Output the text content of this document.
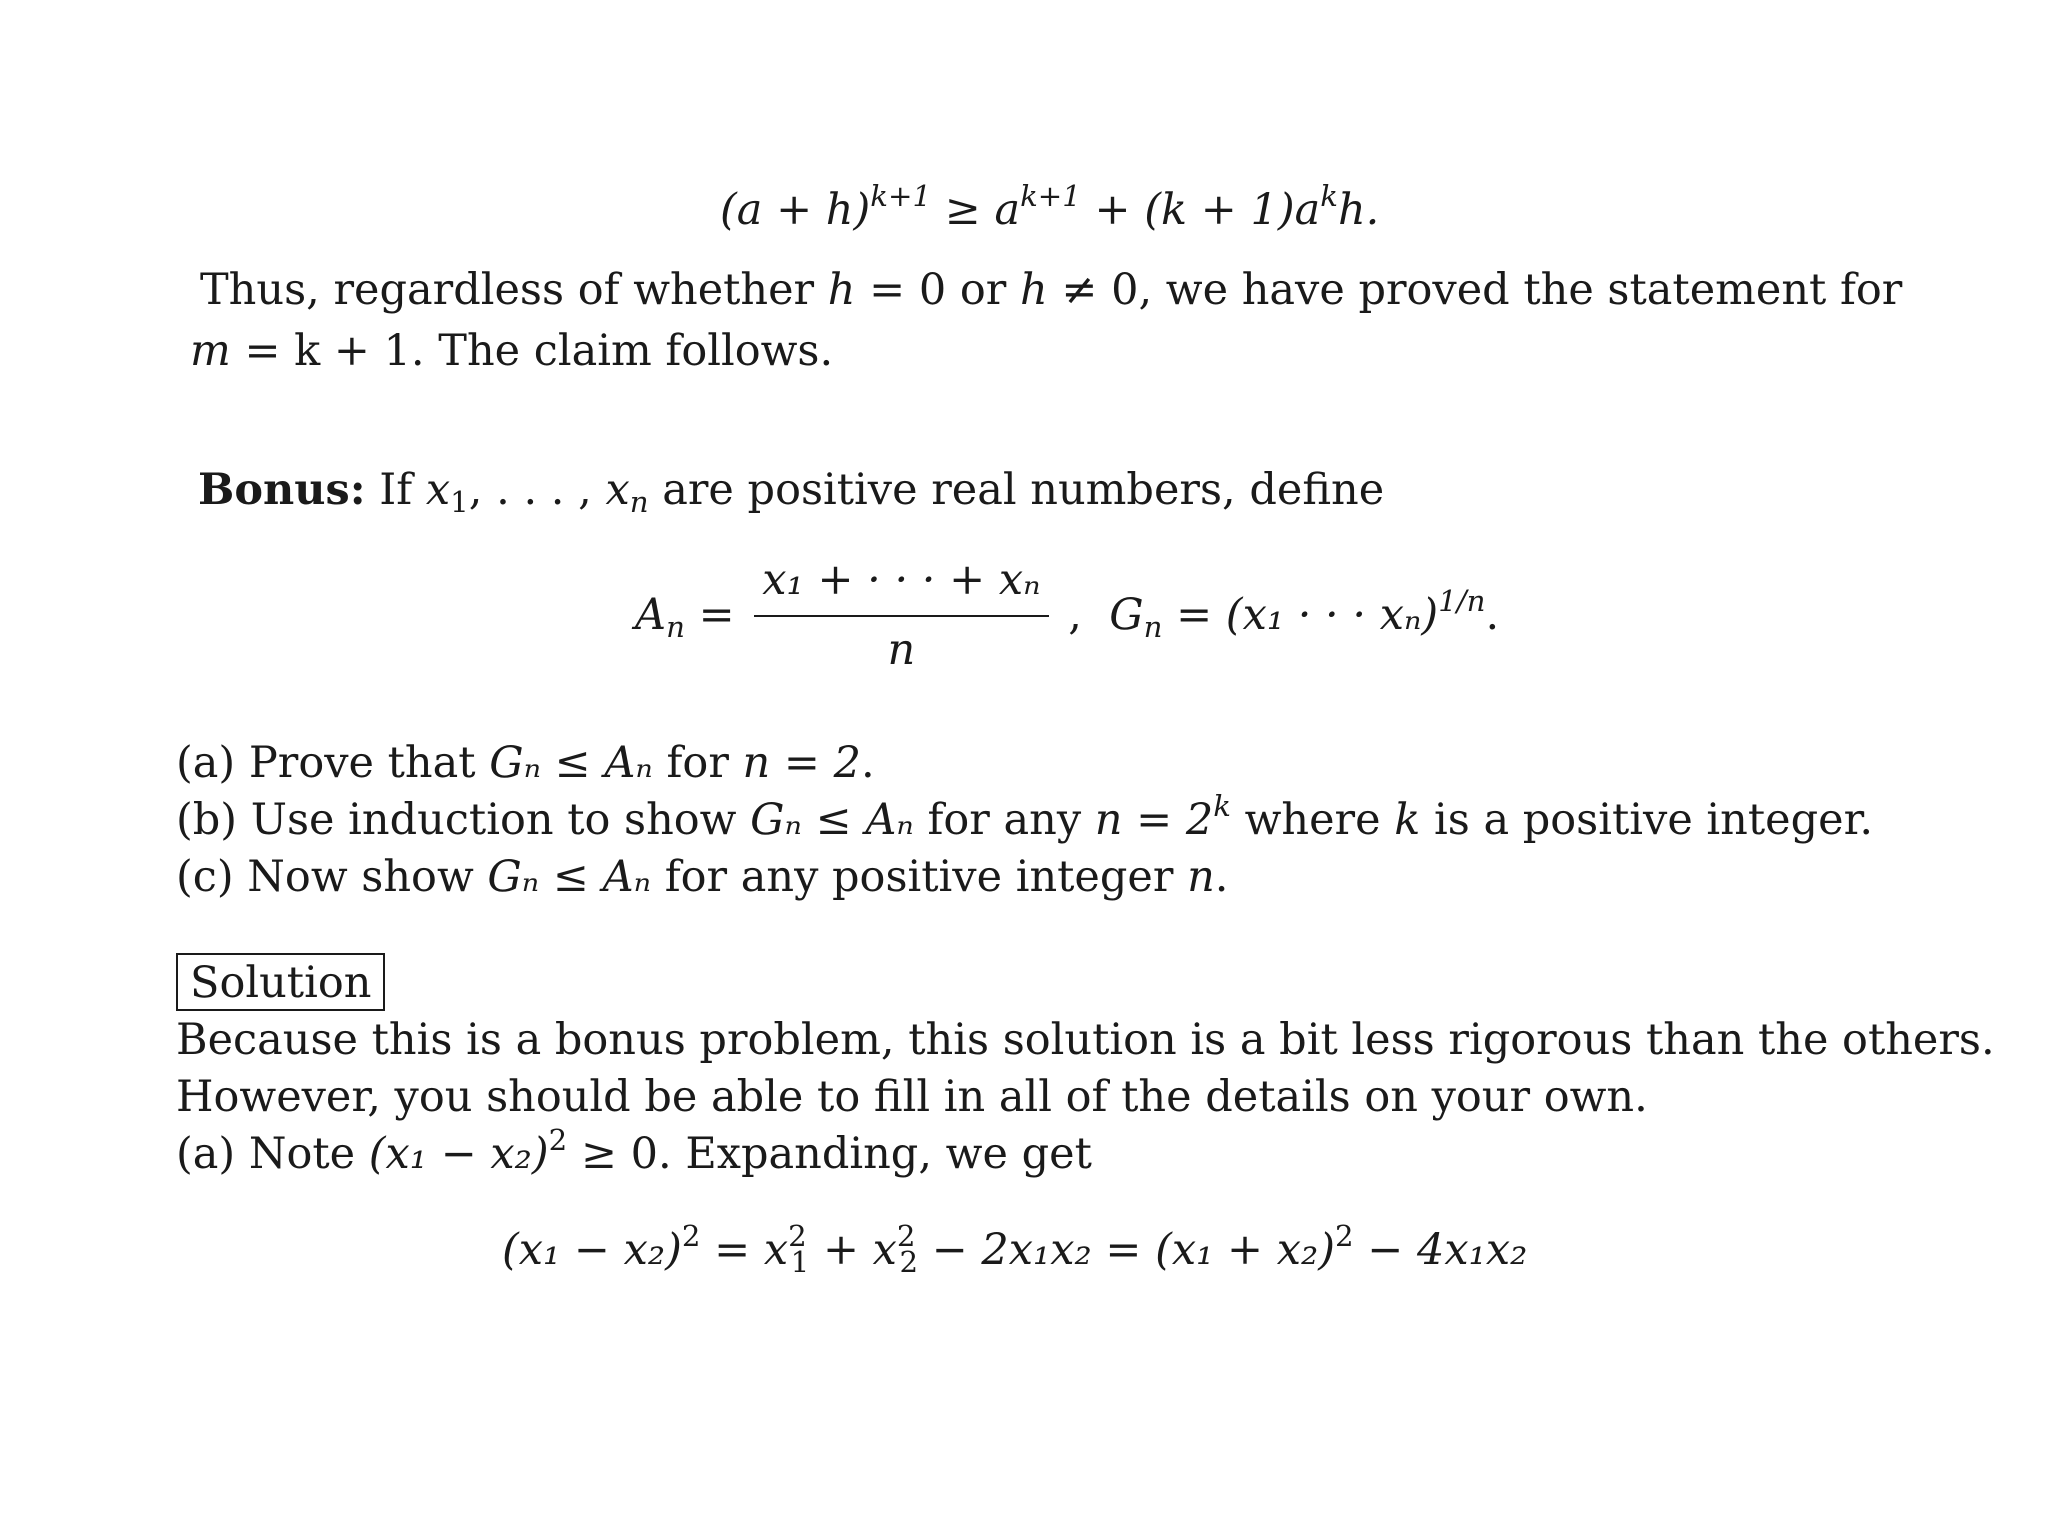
$(a + h)^{k+1} \ge a^{k+1} + (k + 1)a^kh$.
Thus, regardless of whether h = 0 or h ≠ 0, we have proved the statement for
m = k + 1. The claim follows.
Bonus: If $x_1$, . . . , $x_n$ are positive real numbers, define
$A_n = \frac{\text{x₁ + · · · + xₙ}}{n}$ , $G_n = (x_1$ · · · xₙ)$^{1/n}$.
(a) Prove that Gₙ ≤ Aₙ for n = 2.
(b) Use induction to show Gₙ ≤ Aₙ for any $n = 2^k$ where k is a positive integer.
(c) Now show Gₙ ≤ Aₙ for any positive integer n.
Solution
Because this is a bonus problem, this solution is a bit less rigorous than the others.
However, you should be able to fill in all of the details on your own.
(a) Note $(x_1 - x_2)^2 \ge 0$. Expanding, we get
$(x_1 - x_2)^2 = x^2_1 + x^2_2 - 2x_1x_2 = (x_1 + x_2)^2 - 4x_1x_2$
